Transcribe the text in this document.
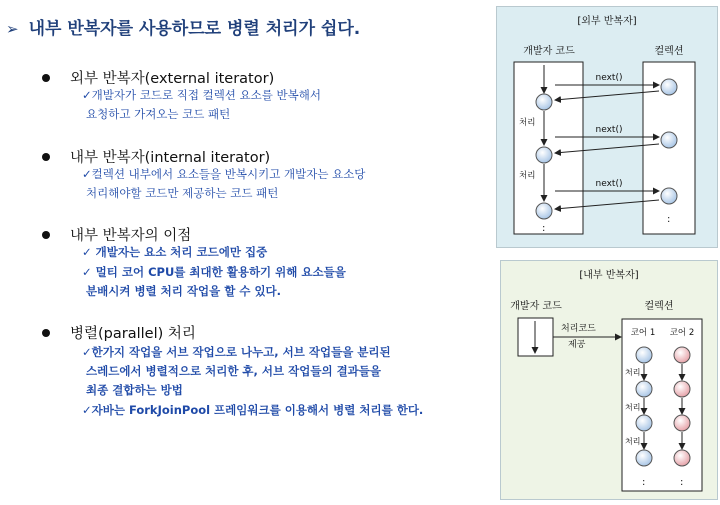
➢ 내부 반복자를 사용하므로 병렬 처리가 쉽다.
외부 반복자(external iterator)
✓개발자가 코드로 직접 컬렉션 요소를 반복해서
요청하고 가져오는 코드 패턴
내부 반복자(internal iterator)
✓컬렉션 내부에서 요소들을 반복시키고 개발자는 요소당
처리해야할 코드만 제공하는 코드 패턴
내부 반복자의 이점
✓ 개발자는 요소 처리 코드에만 집중
✓ 멀티 코어 CPU를 최대한 활용하기 위해 요소들을
분배시켜 병렬 처리 작업을 할 수 있다.
병렬(parallel) 처리
✓한가지 작업을 서브 작업으로 나누고, 서브 작업들을 분리된
스레드에서 병렬적으로 처리한 후, 서브 작업들의 결과들을
최종 결합하는 방법
✓자바는 ForkJoinPool 프레임워크를 이용해서 병렬 처리를 한다.
[외부 반복자]
개발자 코드	컬렉션
next()
처리
next()
처리
next()
:
:
[내부 반복자]
개발자 코드	컬렉션
처리코드
제공
코어 1 코어 2
처리
처리
처리
:	:
